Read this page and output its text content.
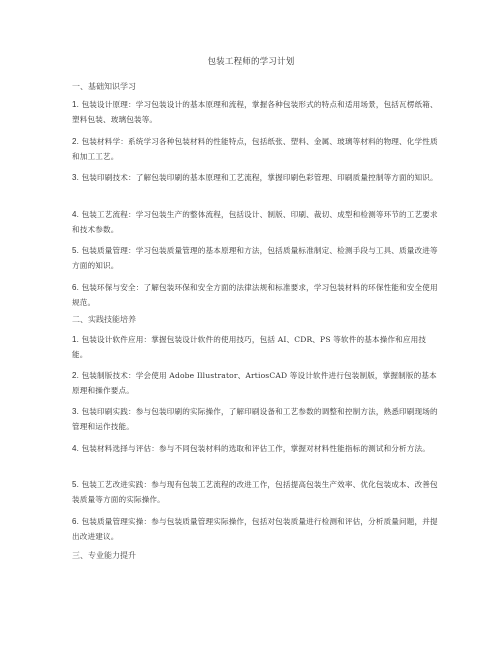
包装工程师的学习计划
一、基础知识学习
1. 包装设计原理：学习包装设计的基本原理和流程，掌握各种包装形式的特点和适用场景，包括瓦楞纸箱、塑料包装、玻璃包装等。
2. 包装材料学：系统学习各种包装材料的性能特点，包括纸张、塑料、金属、玻璃等材料的物理、化学性质和加工工艺。
3. 包装印刷技术：了解包装印刷的基本原理和工艺流程，掌握印刷色彩管理、印刷质量控制等方面的知识。
4. 包装工艺流程：学习包装生产的整体流程，包括设计、制版、印刷、裁切、成型和检测等环节的工艺要求和技术参数。
5. 包装质量管理：学习包装质量管理的基本原理和方法，包括质量标准制定、检测手段与工具、质量改进等方面的知识。
6. 包装环保与安全：了解包装环保和安全方面的法律法规和标准要求，学习包装材料的环保性能和安全使用规范。
二、实践技能培养
1. 包装设计软件应用：掌握包装设计软件的使用技巧，包括 AI、CDR、PS 等软件的基本操作和应用技能。
2. 包装制版技术：学会使用 Adobe Illustrator、ArtiosCAD 等设计软件进行包装制版，掌握制版的基本原理和操作要点。
3. 包装印刷实践：参与包装印刷的实际操作，了解印刷设备和工艺参数的调整和控制方法，熟悉印刷现场的管理和运作技能。
4. 包装材料选择与评估：参与不同包装材料的选取和评估工作，掌握对材料性能指标的测试和分析方法。
5. 包装工艺改进实践：参与现有包装工艺流程的改进工作，包括提高包装生产效率、优化包装成本、改善包装质量等方面的实际操作。
6. 包装质量管理实操：参与包装质量管理实际操作，包括对包装质量进行检测和评估，分析质量问题，并提出改进建议。
三、专业能力提升
